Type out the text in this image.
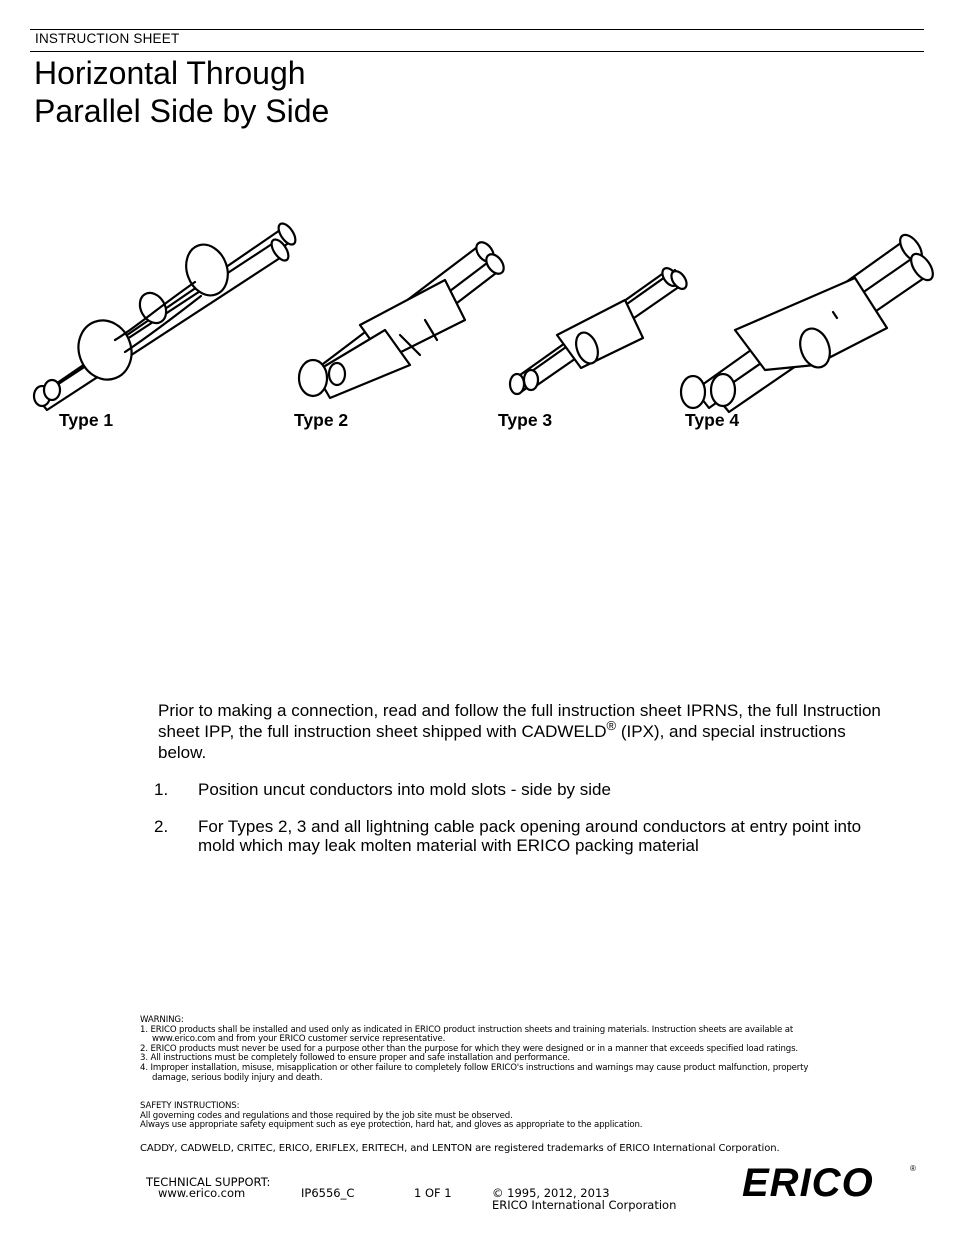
INSTRUCTION SHEET
Horizontal Through
Parallel Side by Side
Type 1	Type 2	Type 3	Type 4
Prior to making a connection, read and follow the full instruction sheet IPRNS, the full Instruction sheet IPP, the full instruction sheet shipped with CADWELD® (IPX), and special instructions below.
1. Position uncut conductors into mold slots - side by side
2. For Types 2, 3 and all lightning cable pack opening around conductors at entry point into mold which may leak molten material with ERICO packing material

WARNING:

1. ERICO products shall be installed and used only as indicated in ERICO product instruction sheets and training materials. Instruction sheets are available at

www.erico.com and from your ERICO customer service representative.

2. ERICO products must never be used for a purpose other than the purpose for which they were designed or in a manner that exceeds specified load ratings.

3. All instructions must be completely followed to ensure proper and safe installation and performance.

4. Improper installation, misuse, misapplication or other failure to completely follow ERICO's instructions and warnings may cause product malfunction, property

damage, serious bodily injury and death.

SAFETY INSTRUCTIONS:

All governing codes and regulations and those required by the job site must be observed.

Always use appropriate safety equipment such as eye protection, hard hat, and gloves as appropriate to the application.

CADDY, CADWELD, CRITEC, ERICO, ERIFLEX, ERITECH, and LENTON are registered trademarks of ERICO International Corporation.
TECHNICAL SUPPORT:
www.erico.com	IP6556_C	1 OF 1	© 1995, 2012, 2013
ERICO International Corporation ERICO	®
